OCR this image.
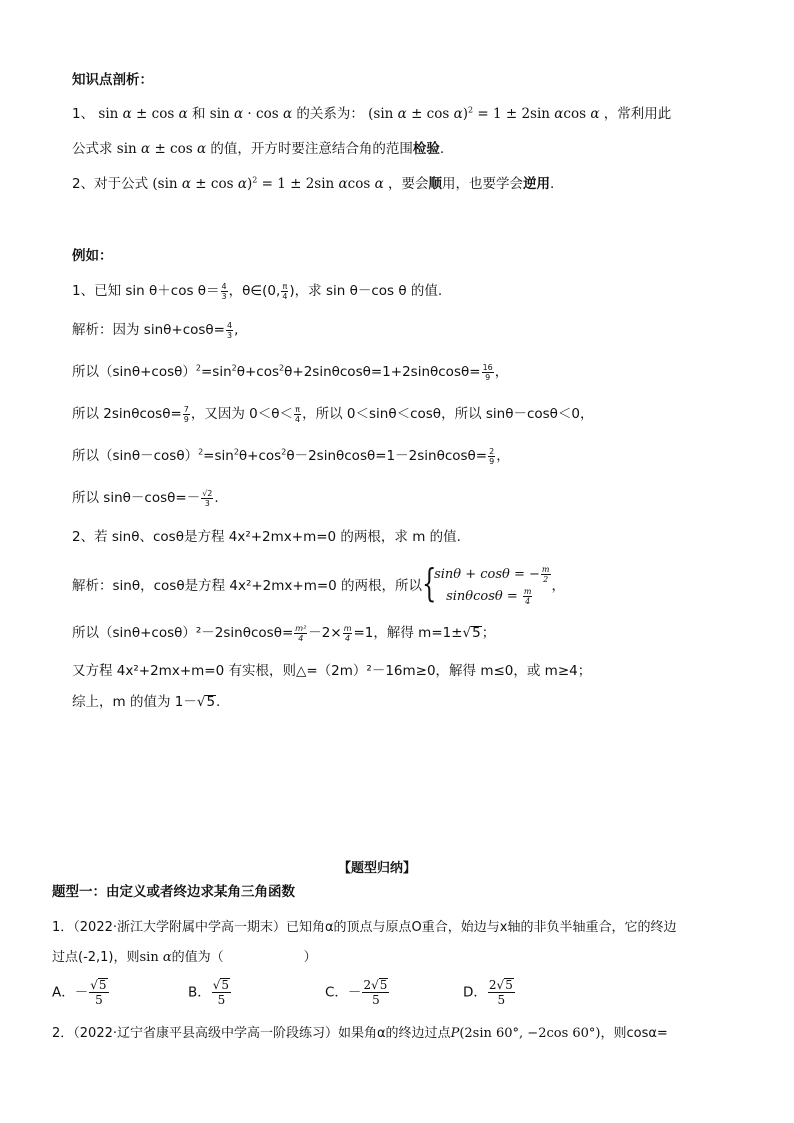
知识点剖析：
1、 sin α ± cos α 和 sin α · cos α 的关系为： (sin α ± cos α)$^2$ = 1 ± 2sin αcos α ，常利用此
公式求 sin α ± cos α 的值，开方时要注意结合角的范围检验.
2、对于公式 (sin α ± cos α)$^2$ = 1 ± 2sin αcos α ，要会顺用，也要学会逆用.
例如：
1、已知 sin θ＋cos $\theta= \frac{4}{3}$ ，θ∈(0, $\frac{\pi}{4}$ )，求 sin θ－cos θ 的值.
解析：因为 $\sin\theta+\cos\theta= \frac{4}{3}$ ,
所以$(\sin\theta+\cos\theta)^2=\sin^2\theta+\cos^2\theta+2\sin\theta\cos\theta=1+2\sin\theta\cos\theta= \frac{16}{9}$ ，
所以 $2\sin\theta\cos\theta= \frac{7}{9}$ ，又因为 $0<\theta< \frac{\pi}{4}$ ，所以 0＜sinθ＜cosθ，所以 sinθ－cosθ＜0，
所以$(\sin\theta-\cos\theta)^2=\sin^2\theta+\cos^2\theta-2\sin\theta\cos\theta=1-2\sin\theta\cos\theta= \frac{2}{9}$ ，
所以 $\sin\theta-\cos\theta=- \frac{√2}{3}$ .
2、若 sinθ、cosθ是方程 4x²+2mx+m=0 的两根，求 m 的值.
解析：sinθ，cosθ是方程 4x²+2mx+m=0 的两根，所以 {
sinθ + cosθ = − $\frac{m}{2}$
$\sin\theta\cos\theta = \frac{m}{4}$
，
所以$(\sin\theta+\cos\theta)^2-2\sin\theta\cos\theta= \frac{\text{m²}}{4} -2\times \frac{m}{4} =1$，解得 m=1±√5；
又方程 4x²+2mx+m=0 有实根，则△=（2m）²－16m≥0，解得 m≤0，或 m≥4；
综上，m 的值为 1－√5.
【题型归纳】
题型一：由定义或者终边求某角三角函数
1．（2022·浙江大学附属中学高一期末）已知角α的顶点与原点O重合，始边与x轴的非负半轴重合，它的终边
过点(-2,1)，则sin α的值为（	）
A．－ $\frac{√5}{5}$	B． $\frac{√5}{5}$	C．－ $\frac{2√5}{5}$	D． $\frac{2√5}{5}$
2．（2022·辽宁省康平县高级中学高一阶段练习）如果角α的终边过点P(2sin 60°, −2cos 60°)，则cosα=
